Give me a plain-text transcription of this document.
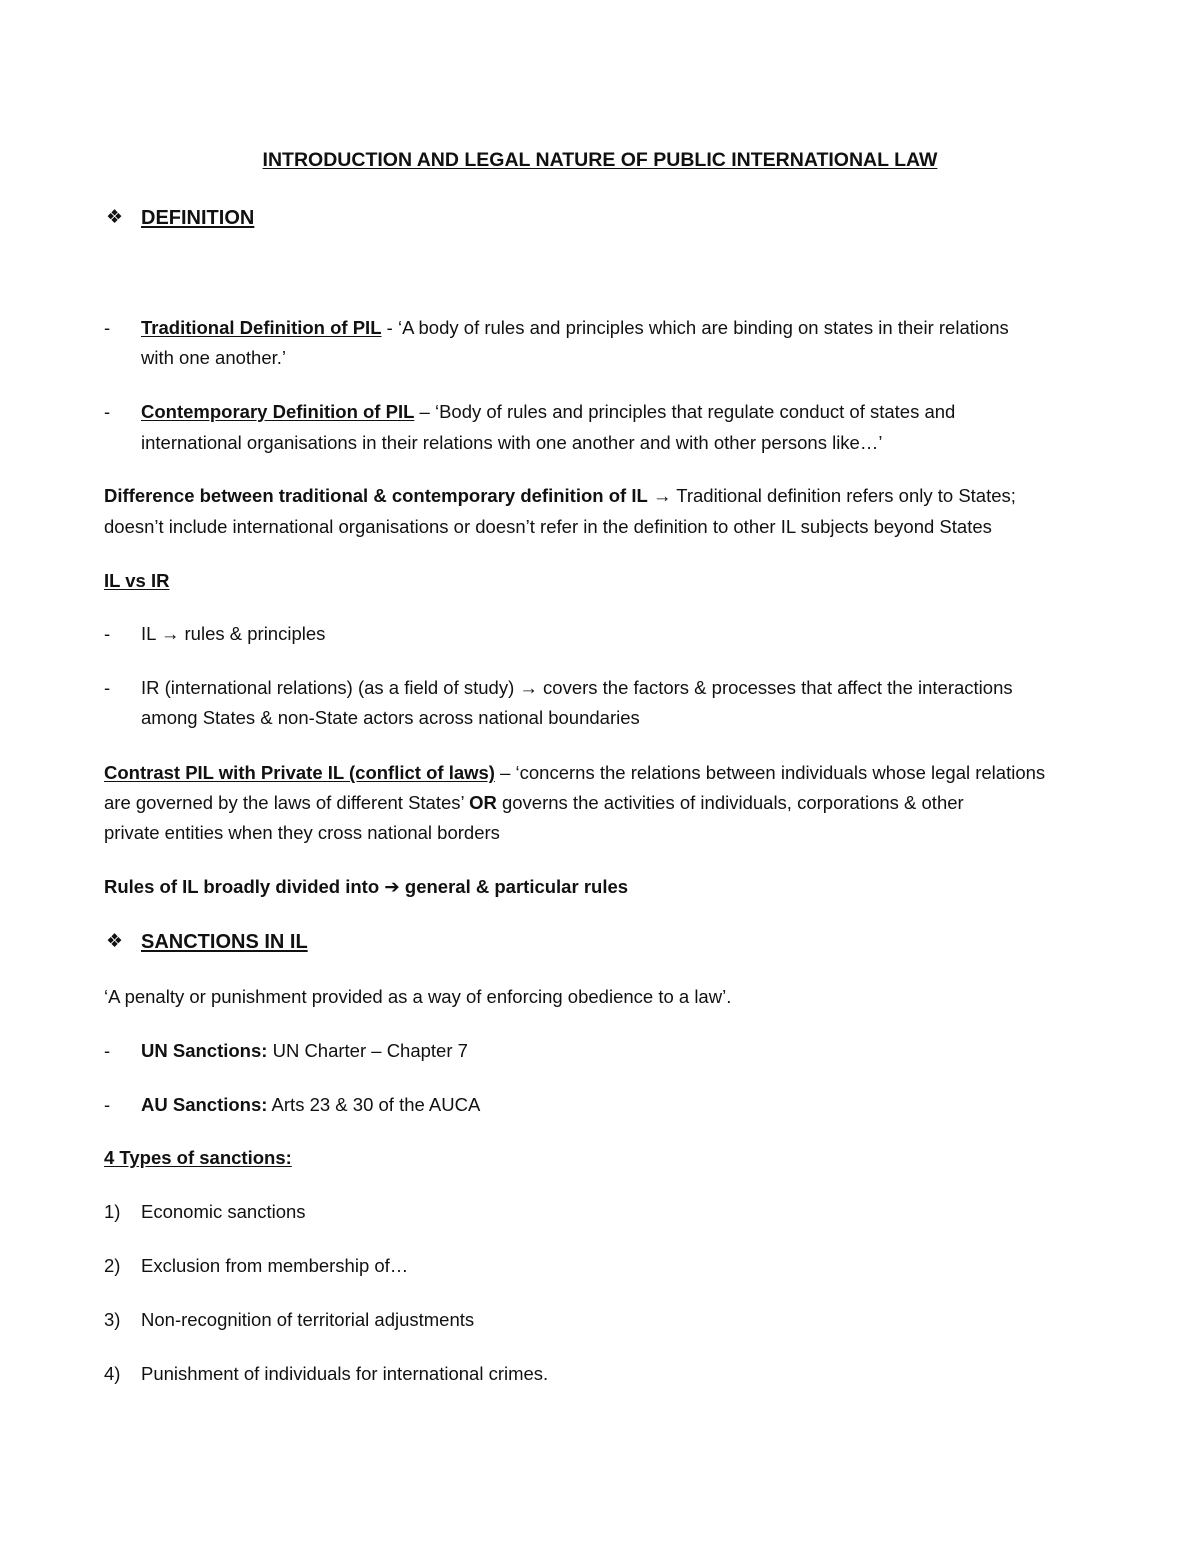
INTRODUCTION AND LEGAL NATURE OF PUBLIC INTERNATIONAL LAW
❖ DEFINITION
- Traditional Definition of PIL - ‘A body of rules and principles which are binding on states in their relations
with one another.’
- Contemporary Definition of PIL – ‘Body of rules and principles that regulate conduct of states and
international organisations in their relations with one another and with other persons like…’
Difference between traditional & contemporary definition of IL → Traditional definition refers only to States;
doesn’t include international organisations or doesn’t refer in the definition to other IL subjects beyond States
IL vs IR
- IL → rules & principles
- IR (international relations) (as a field of study) → covers the factors & processes that affect the interactions
among States & non-State actors across national boundaries
Contrast PIL with Private IL (conflict of laws) – ‘concerns the relations between individuals whose legal relations
are governed by the laws of different States’ OR governs the activities of individuals, corporations & other
private entities when they cross national borders
Rules of IL broadly divided into ➔ general & particular rules
❖ SANCTIONS IN IL
‘A penalty or punishment provided as a way of enforcing obedience to a law’.
- UN Sanctions: UN Charter – Chapter 7
- AU Sanctions: Arts 23 & 30 of the AUCA
4 Types of sanctions:
1) Economic sanctions
2) Exclusion from membership of…
3) Non-recognition of territorial adjustments
4) Punishment of individuals for international crimes.
